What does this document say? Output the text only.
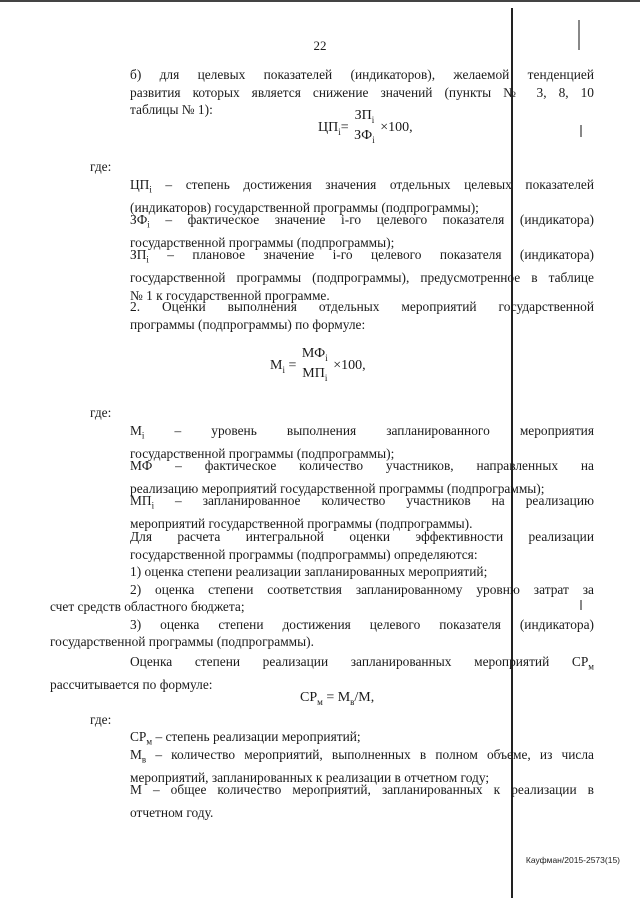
22
б) для целевых показателей (индикаторов), желаемой тенденцией
развития которых является снижение значений (пункты № 3, 8, 10
таблицы № 1):
$ЦП_i=$
$ЗП_i$
$ЗФ_i$
×100,
где:
$ЦП_i$ – степень достижения значения отдельных целевых показателей
(индикаторов) государственной программы (подпрограммы);
$ЗФ_i$ – фактическое значение i-го целевого показателя (индикатора)
государственной программы (подпрограммы);
$ЗП_i$ – плановое значение i-го целевого показателя (индикатора)
государственной программы (подпрограммы), предусмотренное в таблице
№ 1 к государственной программе.
2. Оценки выполнения отдельных мероприятий государственной
программы (подпрограммы) по формуле:
$М_i$ =
$МФ_i$
$МП_i$
×100,
где:
$М_i$ – уровень выполнения запланированного мероприятия
государственной программы (подпрограммы);
МФ – фактическое количество участников, направленных на
реализацию мероприятий государственной программы (подпрограммы);
$МП_i$ – запланированное количество участников на реализацию
мероприятий государственной программы (подпрограммы).
Для расчета интегральной оценки эффективности реализации
государственной программы (подпрограммы) определяются:
1) оценка степени реализации запланированных мероприятий;
2) оценка степени соответствия запланированному уровню затрат за
счет средств областного бюджета;
3) оценка степени достижения целевого показателя (индикатора)
государственной программы (подпрограммы).
Оценка степени реализации запланированных мероприятий $СР_м$
рассчитывается по формуле:
$СР_м = М_в/М$,
где:
$СР_м$ – степень реализации мероприятий;
$М_в$ – количество мероприятий, выполненных в полном объеме, из числа
мероприятий, запланированных к реализации в отчетном году;
М – общее количество мероприятий, запланированных к реализации в
отчетном году.
Кауфман/2015-2573(15)
